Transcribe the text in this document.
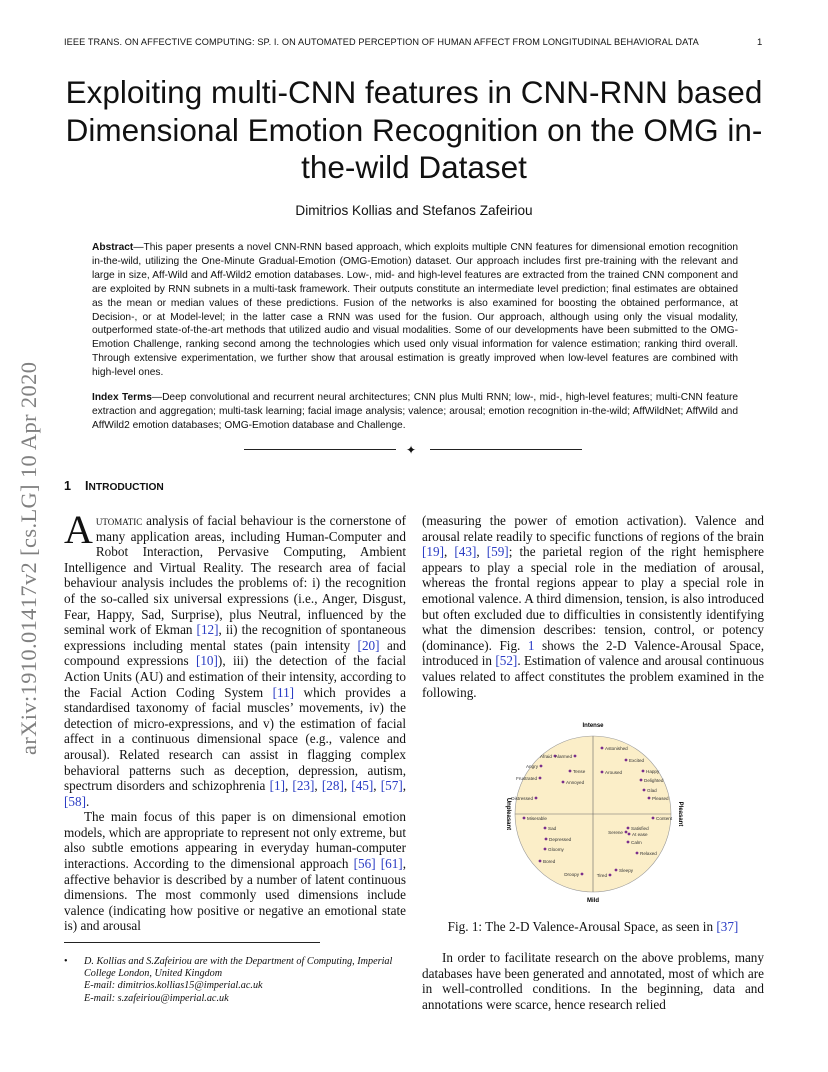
IEEE TRANS. ON AFFECTIVE COMPUTING: SP. I. ON AUTOMATED PERCEPTION OF HUMAN AFFECT FROM LONGITUDINAL BEHAVIORAL DATA	1
Exploiting multi-CNN features in CNN-RNN based Dimensional Emotion Recognition on the OMG in-the-wild Dataset
Dimitrios Kollias and Stefanos Zafeiriou

Abstract—This paper presents a novel CNN-RNN based approach, which exploits multiple CNN features for dimensional emotion recognition in-the-wild, utilizing the One-Minute Gradual-Emotion (OMG-Emotion) dataset. Our approach includes first pre-training with the relevant and large in size, Aff-Wild and Aff-Wild2 emotion databases. Low-, mid- and high-level features are extracted from the trained CNN component and are exploited by RNN subnets in a multi-task framework. Their outputs constitute an intermediate level prediction; final estimates are obtained as the mean or median values of these predictions. Fusion of the networks is also examined for boosting the obtained performance, at Decision-, or at Model-level; in the latter case a RNN was used for the fusion. Our approach, although using only the visual modality, outperformed state-of-the-art methods that utilized audio and visual modalities. Some of our developments have been submitted to the OMG-Emotion Challenge, ranking second among the technologies which used only visual information for valence estimation; ranking third overall. Through extensive experimentation, we further show that arousal estimation is greatly improved when low-level features are combined with high-level ones.

Index Terms—Deep convolutional and recurrent neural architectures; CNN plus Multi RNN; low-, mid-, high-level features; multi-CNN feature extraction and aggregation; multi-task learning; facial image analysis; valence; arousal; emotion recognition in-the-wild; AffWildNet; AffWild and AffWild2 emotion databases; OMG-Emotion database and Challenge.

✦
arXiv:1910.01417v2 [cs.LG] 10 Apr 2020 1 INTRODUCTION

Automatic analysis of facial behaviour is the cornerstone of many application areas, including Human-Computer and Robot Interaction, Pervasive Computing, Ambient Intelligence and Virtual Reality. The research area of facial behaviour analysis includes the problems of: i) the recognition of the so-called six universal expressions (i.e., Anger, Disgust, Fear, Happy, Sad, Surprise), plus Neutral, influenced by the seminal work of Ekman [12], ii) the recognition of spontaneous expressions including mental states (pain intensity [20] and compound expressions [10]), iii) the detection of the facial Action Units (AU) and estimation of their intensity, according to the Facial Action Coding System [11] which provides a standardised taxonomy of facial muscles’ movements, iv) the detection of micro-expressions, and v) the estimation of facial affect in a continuous dimensional space (e.g., valence and arousal). Related research can assist in flagging complex behavioral patterns such as deception, depression, autism, spectrum disorders and schizophrenia [1], [23], [28], [45], [57], [58].

The main focus of this paper is on dimensional emotion models, which are appropriate to represent not only extreme, but also subtle emotions appearing in everyday human-computer interactions. According to the dimensional approach [56] [61], affective behavior is described by a number of latent continuous dimensions. The most commonly used dimensions include valence (indicating how positive or negative an emotional state is) and arousal

• D. Kollias and S.Zafeiriou are with the Department of Computing, Imperial College London, United Kingdom
E-mail: dimitrios.kollias15@imperial.ac.uk
E-mail: s.zafeiriou@imperial.ac.uk

(measuring the power of emotion activation). Valence and arousal relate readily to specific functions of regions of the brain [19], [43], [59]; the parietal region of the right hemisphere appears to play a special role in the mediation of arousal, whereas the frontal regions appear to play a special role in emotional valence. A third dimension, tension, is also introduced but often excluded due to difficulties in consistently identifying what the dimension describes: tension, control, or potency (dominance). Fig. 1 shows the 2-D Valence-Arousal Space, introduced in [52]. Estimation of valence and arousal continuous values related to affect constitutes the problem examined in the following.

Intense
Mild
Unpleasant	Pleasant
Astonished
Afraid Alarmed
Excited
Angry
Tense	Aroused	Happy
Frustrated
Annoyed	Delighted
Glad
Distressed	Pleased
Miserable	Content
Satisfied
Sad
Serene At ease
Depressed
Calm
Gloomy
Relaxed
Bored
Tired
Sleepy
Droopy
Fig. 1: The 2-D Valence-Arousal Space, as seen in [37]

In order to facilitate research on the above problems, many databases have been generated and annotated, most of which are in well-controlled conditions. In the beginning, data and annotations were scarce, hence research relied
